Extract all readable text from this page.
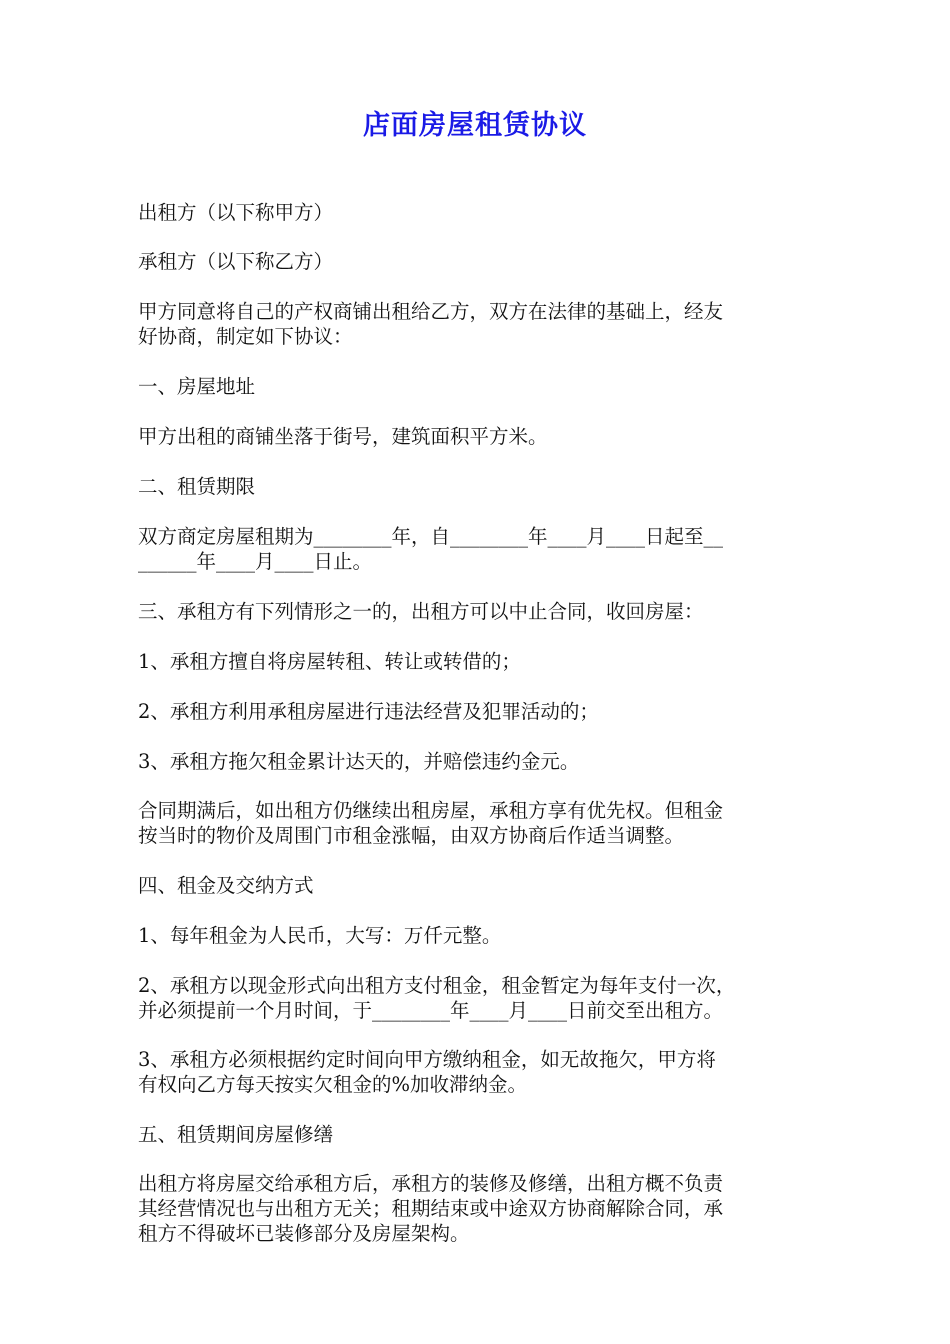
店面房屋租赁协议
出租方（以下称甲方）
承租方（以下称乙方）
甲方同意将自己的产权商铺出租给乙方，双方在法律的基础上，经友
好协商，制定如下协议：
一、房屋地址
甲方出租的商铺坐落于街号，建筑面积平方米。
二、租赁期限
双方商定房屋租期为________年，自________年____月____日起至__
______年____月____日止。
三、承租方有下列情形之一的，出租方可以中止合同，收回房屋：
1、承租方擅自将房屋转租、转让或转借的；
2、承租方利用承租房屋进行违法经营及犯罪活动的；
3、承租方拖欠租金累计达天的，并赔偿违约金元。
合同期满后，如出租方仍继续出租房屋，承租方享有优先权。但租金
按当时的物价及周围门市租金涨幅，由双方协商后作适当调整。
四、租金及交纳方式
1、每年租金为人民币，大写：万仟元整。
2、承租方以现金形式向出租方支付租金，租金暂定为每年支付一次，
并必须提前一个月时间，于________年____月____日前交至出租方。
3、承租方必须根据约定时间向甲方缴纳租金，如无故拖欠，甲方将
有权向乙方每天按实欠租金的%加收滞纳金。
五、租赁期间房屋修缮
出租方将房屋交给承租方后，承租方的装修及修缮，出租方概不负责
其经营情况也与出租方无关；租期结束或中途双方协商解除合同，承
租方不得破坏已装修部分及房屋架构。
